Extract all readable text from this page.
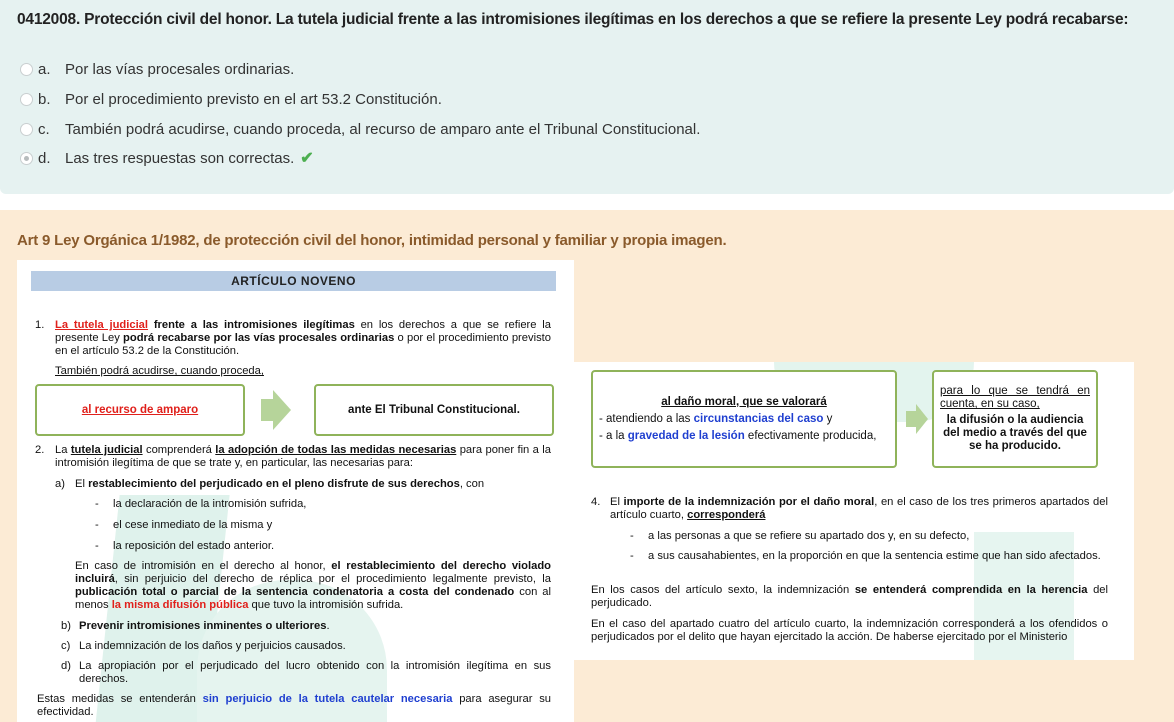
0412008. Protección civil del honor. La tutela judicial frente a las intromisiones ilegítimas en los derechos a que se refiere la presente Ley podrá recabarse:
a. Por las vías procesales ordinarias.
b. Por el procedimiento previsto en el art 53.2 Constitución.
c.	También podrá acudirse, cuando proceda, al recurso de amparo ante el Tribunal Constitucional.
d. Las tres respuestas son correctas. ✔
Art 9 Ley Orgánica 1/1982, de protección civil del honor, intimidad personal y familiar y propia imagen.
ARTÍCULO NOVENO
1. La tutela judicial frente a las intromisiones ilegítimas en los derechos a que se refiere la presente Ley podrá recabarse por las vías procesales ordinarias o por el procedimiento previsto en el artículo 53.2 de la Constitución.
También podrá acudirse, cuando proceda,
al recurso de amparo	ante El Tribunal Constitucional.
2. La tutela judicial comprenderá la adopción de todas las medidas necesarias para poner fin a la intromisión ilegítima de que se trate y, en particular, las necesarias para:
a) El restablecimiento del perjudicado en el pleno disfrute de sus derechos, con
- la declaración de la intromisión sufrida,
- el cese inmediato de la misma y
- la reposición del estado anterior.
En caso de intromisión en el derecho al honor, el restablecimiento del derecho violado incluirá, sin perjuicio del derecho de réplica por el procedimiento legalmente previsto, la publicación total o parcial de la sentencia condenatoria a costa del condenado con al menos la misma difusión pública que tuvo la intromisión sufrida.
b) Prevenir intromisiones inminentes o ulteriores.
c) La indemnización de los daños y perjuicios causados.
d) La apropiación por el perjudicado del lucro obtenido con la intromisión ilegítima en sus derechos.
Estas medidas se entenderán sin perjuicio de la tutela cautelar necesaria para asegurar su efectividad.
al daño moral, que se valorará
- atendiendo a las circunstancias del caso y
- a la gravedad de la lesión efectivamente producida,
para lo que se tendrá en cuenta, en su caso,
la difusión o la audiencia del medio a través del que se ha producido.
4. El importe de la indemnización por el daño moral, en el caso de los tres primeros apartados del artículo cuarto, corresponderá
- a las personas a que se refiere su apartado dos y, en su defecto,
- a sus causahabientes, en la proporción en que la sentencia estime que han sido afectados.
En los casos del artículo sexto, la indemnización se entenderá comprendida en la herencia del perjudicado.
En el caso del apartado cuatro del artículo cuarto, la indemnización corresponderá a los ofendidos o perjudicados por el delito que hayan ejercitado la acción. De haberse ejercitado por el Ministerio
